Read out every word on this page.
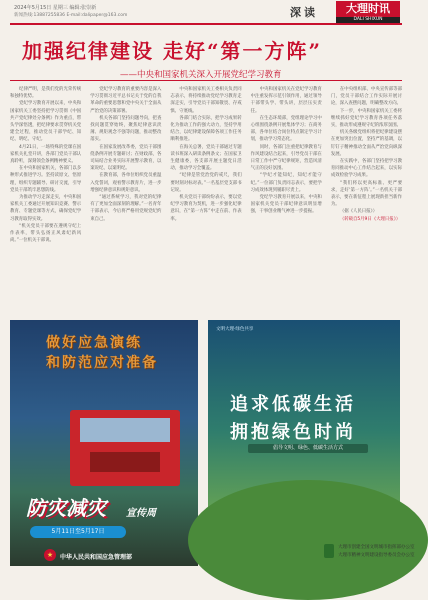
2024年5月15日 星期三 编辑:张崇新
新闻热线:13887255836 E-mail:dalipaper@163.com	深读	大理时讯
DALI SHIXUN
加强纪律建设 走好“第一方阵”
——中央和国家机关深入开展党纪学习教育

纪律严明，是我们党的光荣传统和独特优势。

党纪学习教育开展以来，中央和国家机关工委坚持把学习贯彻《中国共产党纪律处分条例》作为重点，带头学深悟透，把纪律要求贯穿机关党建全过程，推动党员干部学纪、知纪、明纪、守纪。

4月21日，一场特殊的党课在国家机关礼堂开讲，各部门党员干部认真聆听，深刻领会条例精神要义。

在中央和国家机关，各部门以多种形式推进学习。坚持读原文、悟原理，组织专题辅导、研讨交流，引导党员干部筑牢思想防线。

为推动学习走深走实，中央和国家机关工委通过开展知识竞赛、警示教育、专题党课等方式，确保党纪学习教育取得实效。

“机关党员干部要在遵规守纪上作表率，带头弘扬正风肃纪新风尚。”一位机关干部说。

党纪学习教育的重要内容是深入学习贯彻习近平总书记关于党的自我革命的重要思想和党中央关于全面从严治党的决策部署。

机关各部门坚持问题导向，把查找问题贯穿始终，聚焦纪律意识淡薄、规矩观念不强等问题，推动整改落实。

在国家发展改革委，党员干部围绕条例开展专题研讨；在财政部，各司局结合业务实际开展警示教育，以案说纪、以案明纪。

在教育部，各单位组织党员重温入党誓词，观看警示教育片，进一步增强纪律意识和规矩意识。

“通过系统学习，我对党的纪律有了更加全面深刻的理解。”一名青年干部表示，今后将严格用党规党纪约束自己。

中央和国家机关工委相关负责同志表示，将持续推动党纪学习教育走深走实，引导党员干部知敬畏、存戒惧、守底线。

各部门结合实际，把学习成果转化为推动工作的强大动力，坚持学用结合，以纪律建设保障各项工作任务顺利推进。

在海关总署，党员干部通过专题读书班深入研读条例条文；在国家卫生健康委，各支部开展主题党日活动，推动学习全覆盖。

“纪律是管党治党的戒尺，我们要时刻对标对表。”一名基层党支部书记说。

机关党员干部纷纷表示，要以党纪学习教育为契机，进一步强化纪律意识，在“第一方阵”中走在前、作表率。

中央和国家机关在党纪学习教育中注重发挥示范引领作用，通过领导干部带头学、带头讲，层层压实责任。

在生态环境部，党组理论学习中心组围绕条例开展集体学习；在商务部，各单位结合岗位特点制定学习计划，推动学习常态化。

同时，各部门注重把纪律教育与作风建设结合起来，引导党员干部在日常工作中严守纪律规矩，营造风清气正的良好氛围。

“学纪才能知纪，知纪才能守纪。”一位部门负责同志表示，要把学习成效体现到履职尽责上。

党纪学习教育开展以来，中央和国家机关党员干部纪律意识明显增强，干事创业精气神进一步提振。

在中央组织部、中央宣传部等部门，党员干部结合工作实际开展讨论，深入查摆问题，明确整改方向。

下一步，中央和国家机关工委将继续抓好党纪学习教育各项任务落实，推动形成遵规守纪的浓厚氛围。

机关各级党组织将把纪律建设摆在更加突出位置，坚持严的基调，以钉钉子精神推动全面从严治党向纵深发展。

在实践中，各部门坚持把学习教育同推动中心工作结合起来，以实际成效检验学习成果。

“我们将以更高标准、更严要求，走好‘第一方阵’。”一名机关干部表示，要在新征程上展现新担当新作为。

（据《人民日报》）

（转载自5月9日《大理日报》）

做好应急演练
和防范应对准备
防灾减灾 宣传周
5月11日至5月17日
★	中华人民共和国应急管理部
文明大理·绿色共享
追求低碳生活
拥抱绿色时尚
倡导文明、绿色、低碳生活方式
大理市创建全国文明城市指挥部办公室
大理市精神文明建设指导委员会办公室
